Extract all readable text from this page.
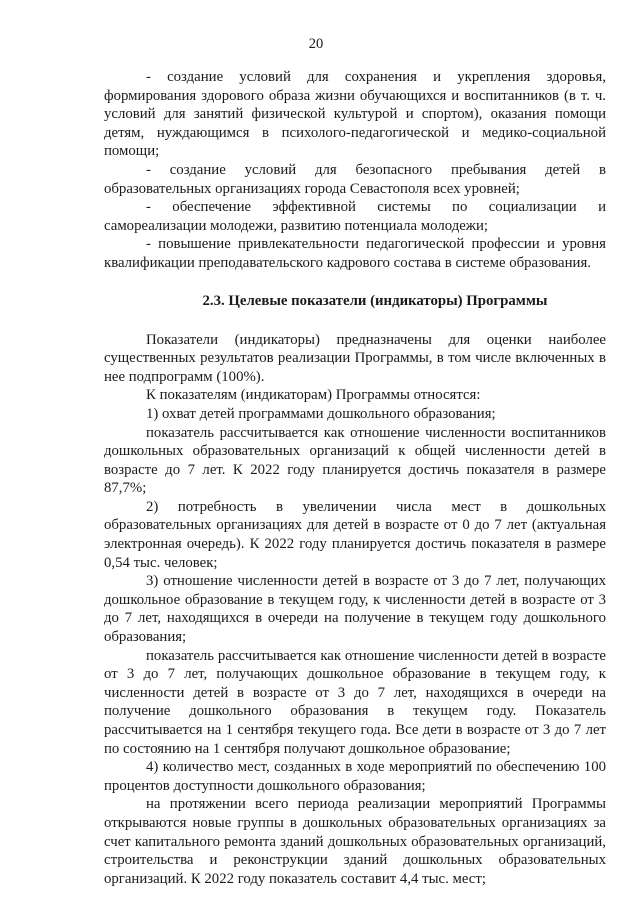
20

- создание условий для сохранения и укрепления здоровья, формирования здорового образа жизни обучающихся и воспитанников (в т. ч. условий для занятий физической культурой и спортом), оказания помощи детям, нуждающимся в психолого-педагогической и медико-социальной помощи;

- создание условий для безопасного пребывания детей в образовательных организациях города Севастополя всех уровней;

- обеспечение эффективной системы по социализации и самореализации молодежи, развитию потенциала молодежи;

- повышение привлекательности педагогической профессии и уровня квалификации преподавательского кадрового состава в системе образования.

2.3. Целевые показатели (индикаторы) Программы

Показатели (индикаторы) предназначены для оценки наиболее существенных результатов реализации Программы, в том числе включенных в нее подпрограмм (100%).

К показателям (индикаторам) Программы относятся:

1) охват детей программами дошкольного образования;

показатель рассчитывается как отношение численности воспитанников дошкольных образовательных организаций к общей численности детей в возрасте до 7 лет. К 2022 году планируется достичь показателя в размере 87,7%;

2) потребность в увеличении числа мест в дошкольных образовательных организациях для детей в возрасте от 0 до 7 лет (актуальная электронная очередь). К 2022 году планируется достичь показателя в размере 0,54 тыс. человек;

3) отношение численности детей в возрасте от 3 до 7 лет, получающих дошкольное образование в текущем году, к численности детей в возрасте от 3 до 7 лет, находящихся в очереди на получение в текущем году дошкольного образования;

показатель рассчитывается как отношение численности детей в возрасте от 3 до 7 лет, получающих дошкольное образование в текущем году, к численности детей в возрасте от 3 до 7 лет, находящихся в очереди на получение дошкольного образования в текущем году. Показатель рассчитывается на 1 сентября текущего года. Все дети в возрасте от 3 до 7 лет по состоянию на 1 сентября получают дошкольное образование;

4) количество мест, созданных в ходе мероприятий по обеспечению 100 процентов доступности дошкольного образования;

на протяжении всего периода реализации мероприятий Программы открываются новые группы в дошкольных образовательных организациях за счет капитального ремонта зданий дошкольных образовательных организаций, строительства и реконструкции зданий дошкольных образовательных организаций. К 2022 году показатель составит 4,4 тыс. мест;
